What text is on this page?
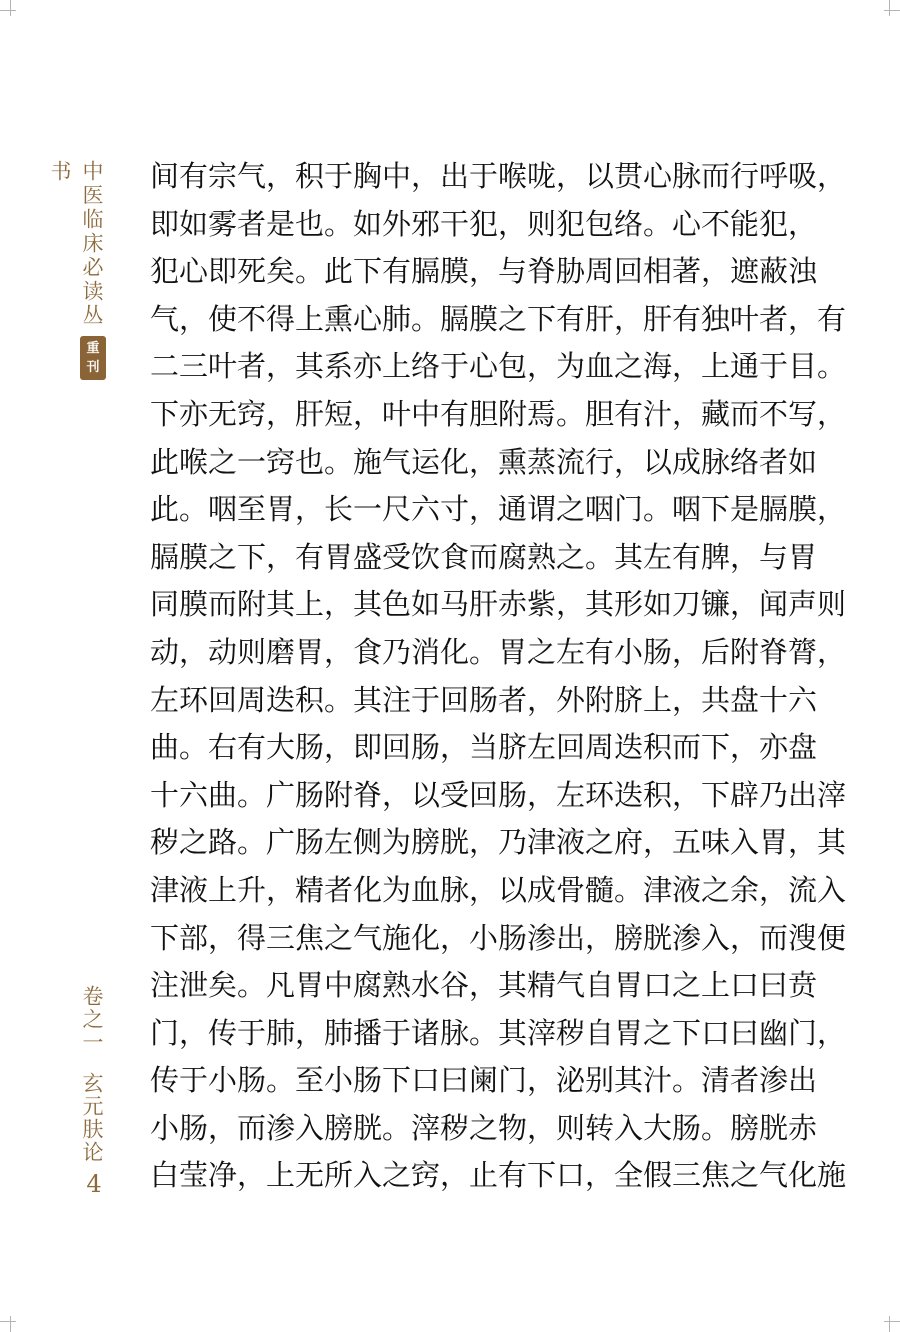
中医临床必读丛书
重
刊
卷之一玄元肤论
4
间有宗气，积于胸中，出于喉咙，以贯心脉而行呼吸，
即如雾者是也。如外邪干犯，则犯包络。心不能犯，
犯心即死矣。此下有膈膜，与脊胁周回相著，遮蔽浊
气，使不得上熏心肺。膈膜之下有肝，肝有独叶者，有
二三叶者，其系亦上络于心包，为血之海，上通于目。
下亦无窍，肝短，叶中有胆附焉。胆有汁，藏而不写，
此喉之一窍也。施气运化，熏蒸流行，以成脉络者如
此。咽至胃，长一尺六寸，通谓之咽门。咽下是膈膜，
膈膜之下，有胃盛受饮食而腐熟之。其左有脾，与胃
同膜而附其上，其色如马肝赤紫，其形如刀镰，闻声则
动，动则磨胃，食乃消化。胃之左有小肠，后附脊膂，
左环回周迭积。其注于回肠者，外附脐上，共盘十六
曲。右有大肠，即回肠，当脐左回周迭积而下，亦盘
十六曲。广肠附脊，以受回肠，左环迭积，下辟乃出滓
秽之路。广肠左侧为膀胱，乃津液之府，五味入胃，其
津液上升，精者化为血脉，以成骨髓。津液之余，流入
下部，得三焦之气施化，小肠渗出，膀胱渗入，而溲便
注泄矣。凡胃中腐熟水谷，其精气自胃口之上口曰贲
门，传于肺，肺播于诸脉。其滓秽自胃之下口曰幽门，
传于小肠。至小肠下口曰阑门，泌别其汁。清者渗出
小肠，而渗入膀胱。滓秽之物，则转入大肠。膀胱赤
白莹净，上无所入之窍，止有下口，全假三焦之气化施
